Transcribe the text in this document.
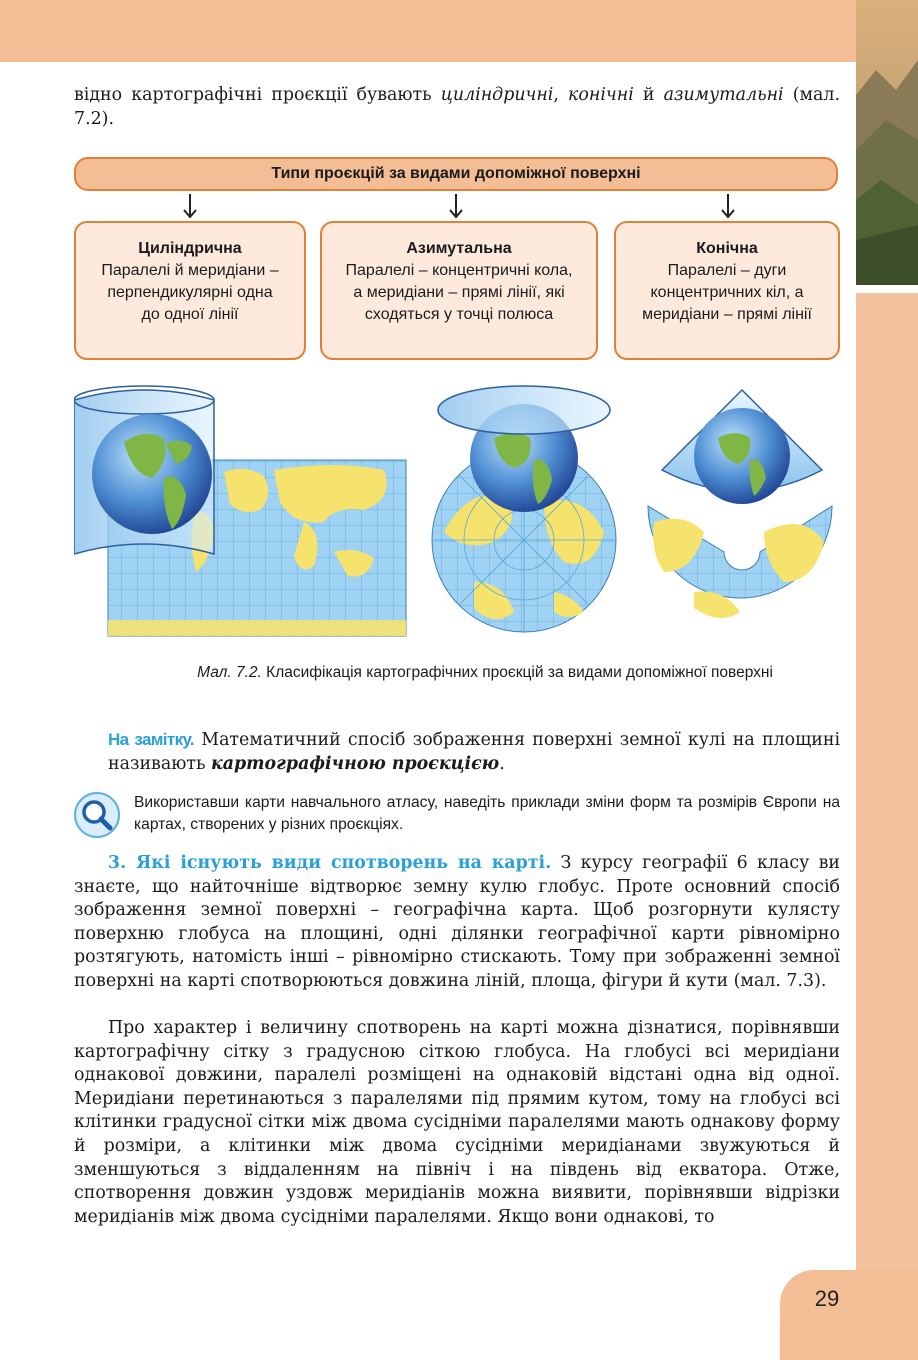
відно картографічні проєкції бувають циліндричні, конічні й азимутальні (мал. 7.2).

Типи проєкцій за видами допоміжної поверхні
Циліндрична
Паралелі й меридіани – перпендикулярні одна до одної лінії
Азимутальна
Паралелі – концентричні кола, а меридіани – прямі лінії, які сходяться у точці полюса
Конічна
Паралелі – дуги концентричних кіл, а меридіани – прямі лінії
Мал. 7.2. Класифікація картографічних проєкцій за видами допоміжної поверхні
На замітку. Математичний спосіб зображення поверхні земної кулі на площині називають картографічною проєкцією.
Використавши карти навчального атласу, наведіть приклади зміни форм та розмірів Європи на картах, створених у різних проєкціях.

3. Які існують види спотворень на карті. З курсу географії 6 класу ви знаєте, що найточніше відтворює земну кулю глобус. Проте основний спосіб зображення земної поверхні – географічна карта. Щоб розгорнути кулясту поверхню глобуса на площині, одні ділянки географічної карти рівномірно розтягують, натомість інші – рівномірно стискають. Тому при зображенні земної поверхні на карті спотворюються довжина ліній, площа, фігури й кути (мал. 7.3).

Про характер і величину спотворень на карті можна дізнатися, порівнявши картографічну сітку з градусною сіткою глобуса. На глобусі всі меридіани однакової довжини, паралелі розміщені на однаковій відстані одна від одної. Меридіани перетинаються з паралелями під прямим кутом, тому на глобусі всі клітинки градусної сітки між двома сусідніми паралелями мають однакову форму й розміри, а клітинки між двома сусідніми меридіанами звужуються й зменшуються з віддаленням на північ і на південь від екватора. Отже, спотворення довжин уздовж меридіанів можна виявити, порівнявши відрізки меридіанів між двома сусідніми паралелями. Якщо вони однакові, то

29
